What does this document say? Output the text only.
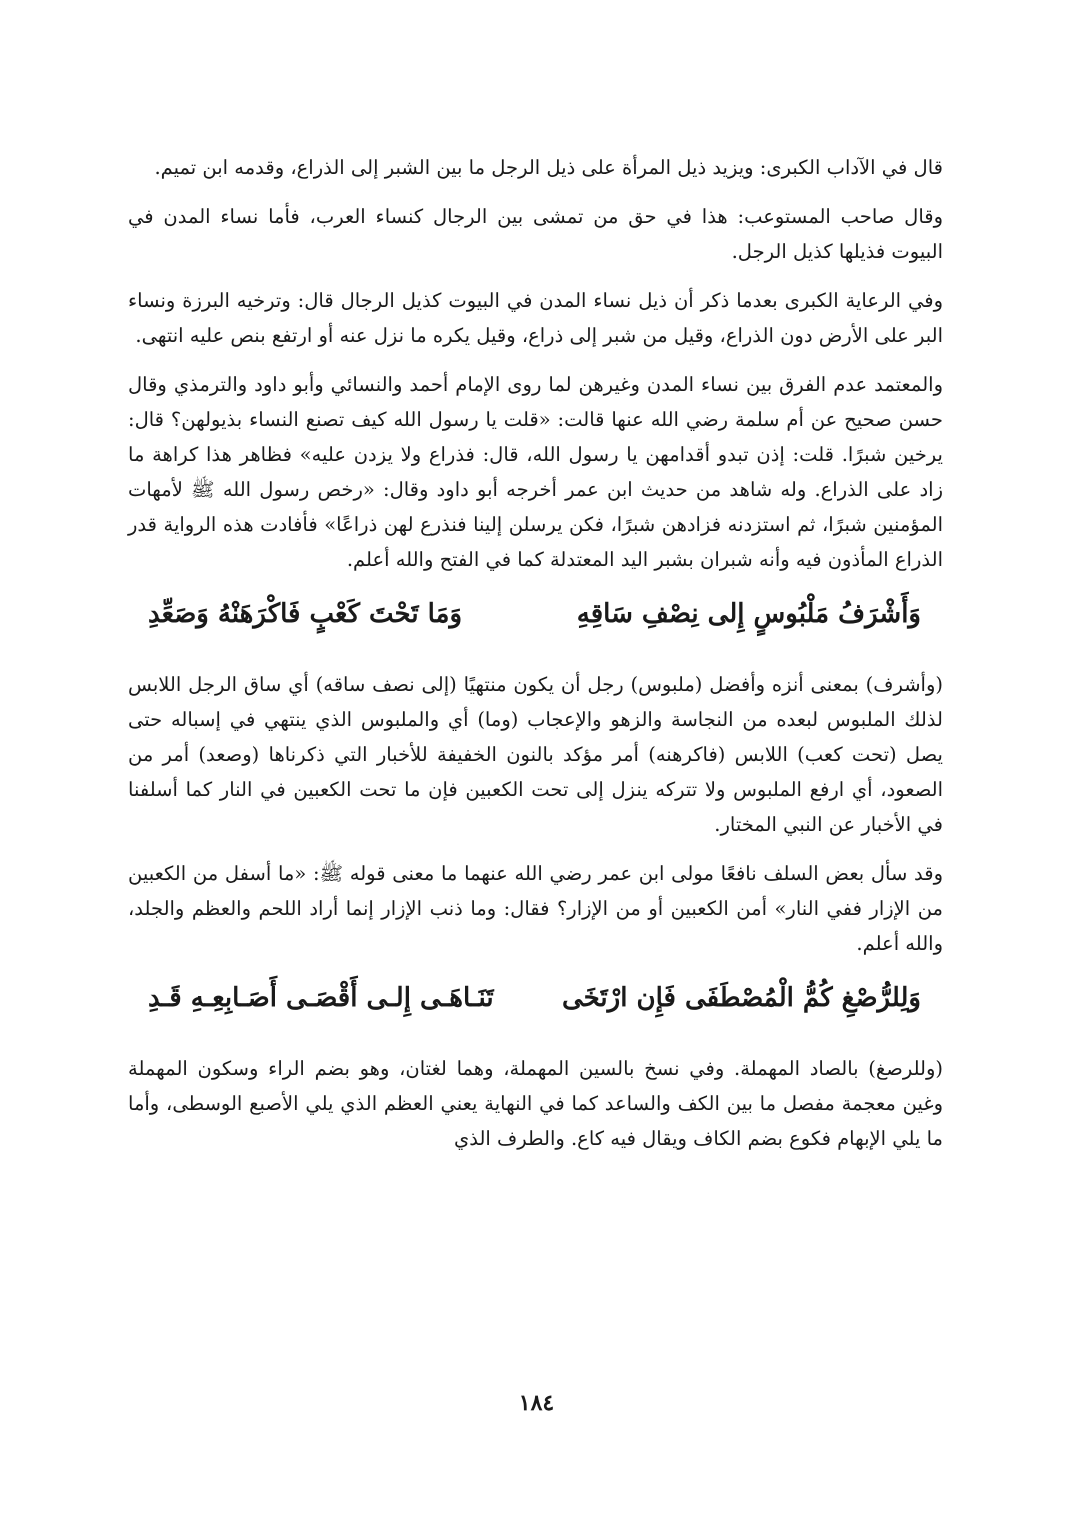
قال في الآداب الكبرى: ويزيد ذيل المرأة على ذيل الرجل ما بين الشبر إلى الذراع، وقدمه ابن تميم.

وقال صاحب المستوعب: هذا في حق من تمشى بين الرجال كنساء العرب، فأما نساء المدن في البيوت فذيلها كذيل الرجل.

وفي الرعاية الكبرى بعدما ذكر أن ذيل نساء المدن في البيوت كذيل الرجال قال: وترخيه البرزة ونساء البر على الأرض دون الذراع، وقيل من شبر إلى ذراع، وقيل يكره ما نزل عنه أو ارتفع بنص عليه انتهى.

والمعتمد عدم الفرق بين نساء المدن وغيرهن لما روى الإمام أحمد والنسائي وأبو داود والترمذي وقال حسن صحيح عن أم سلمة رضي الله عنها قالت: «قلت يا رسول الله كيف تصنع النساء بذيولهن؟ قال: يرخين شبرًا. قلت: إذن تبدو أقدامهن يا رسول الله، قال: فذراع ولا يزدن عليه» فظاهر هذا كراهة ما زاد على الذراع. وله شاهد من حديث ابن عمر أخرجه أبو داود وقال: «رخص رسول الله ﷺ لأمهات المؤمنين شبرًا، ثم استزدنه فزادهن شبرًا، فكن يرسلن إلينا فنذرع لهن ذراعًا» فأفادت هذه الرواية قدر الذراع المأذون فيه وأنه شبران بشبر اليد المعتدلة كما في الفتح والله أعلم.

وَأَشْرَفُ مَلْبُوسٍ إِلى نِصْفِ سَاقِهِ
وَمَا تَحْتَ كَعْبٍ فَاكْرَهَنْهُ وَصَعِّدِ

(وأشرف) بمعنى أنزه وأفضل (ملبوس) رجل أن يكون منتهيًا (إلى نصف ساقه) أي ساق الرجل اللابس لذلك الملبوس لبعده من النجاسة والزهو والإعجاب (وما) أي والملبوس الذي ينتهي في إسباله حتى يصل (تحت كعب) اللابس (فاكرهنه) أمر مؤكد بالنون الخفيفة للأخبار التي ذكرناها (وصعد) أمر من الصعود، أي ارفع الملبوس ولا تتركه ينزل إلى تحت الكعبين فإن ما تحت الكعبين في النار كما أسلفنا في الأخبار عن النبي المختار.

وقد سأل بعض السلف نافعًا مولى ابن عمر رضي الله عنهما ما معنى قوله ﷺ: «ما أسفل من الكعبين من الإزار ففي النار» أمن الكعبين أو من الإزار؟ فقال: وما ذنب الإزار إنما أراد اللحم والعظم والجلد، والله أعلم.

وَلِلرُّصْغِ كُمُّ الْمُصْطَفَى فَإِن ارْتَخَى
تَنَـاهَـى إِلـى أَقْصَـى أَصَـابِعِـهِ قَـدِ

(وللرصغ) بالصاد المهملة. وفي نسخ بالسين المهملة، وهما لغتان، وهو بضم الراء وسكون المهملة وغين معجمة مفصل ما بين الكف والساعد كما في النهاية يعني العظم الذي يلي الأصبع الوسطى، وأما ما يلي الإبهام فكوع بضم الكاف ويقال فيه كاع. والطرف الذي

١٨٤
